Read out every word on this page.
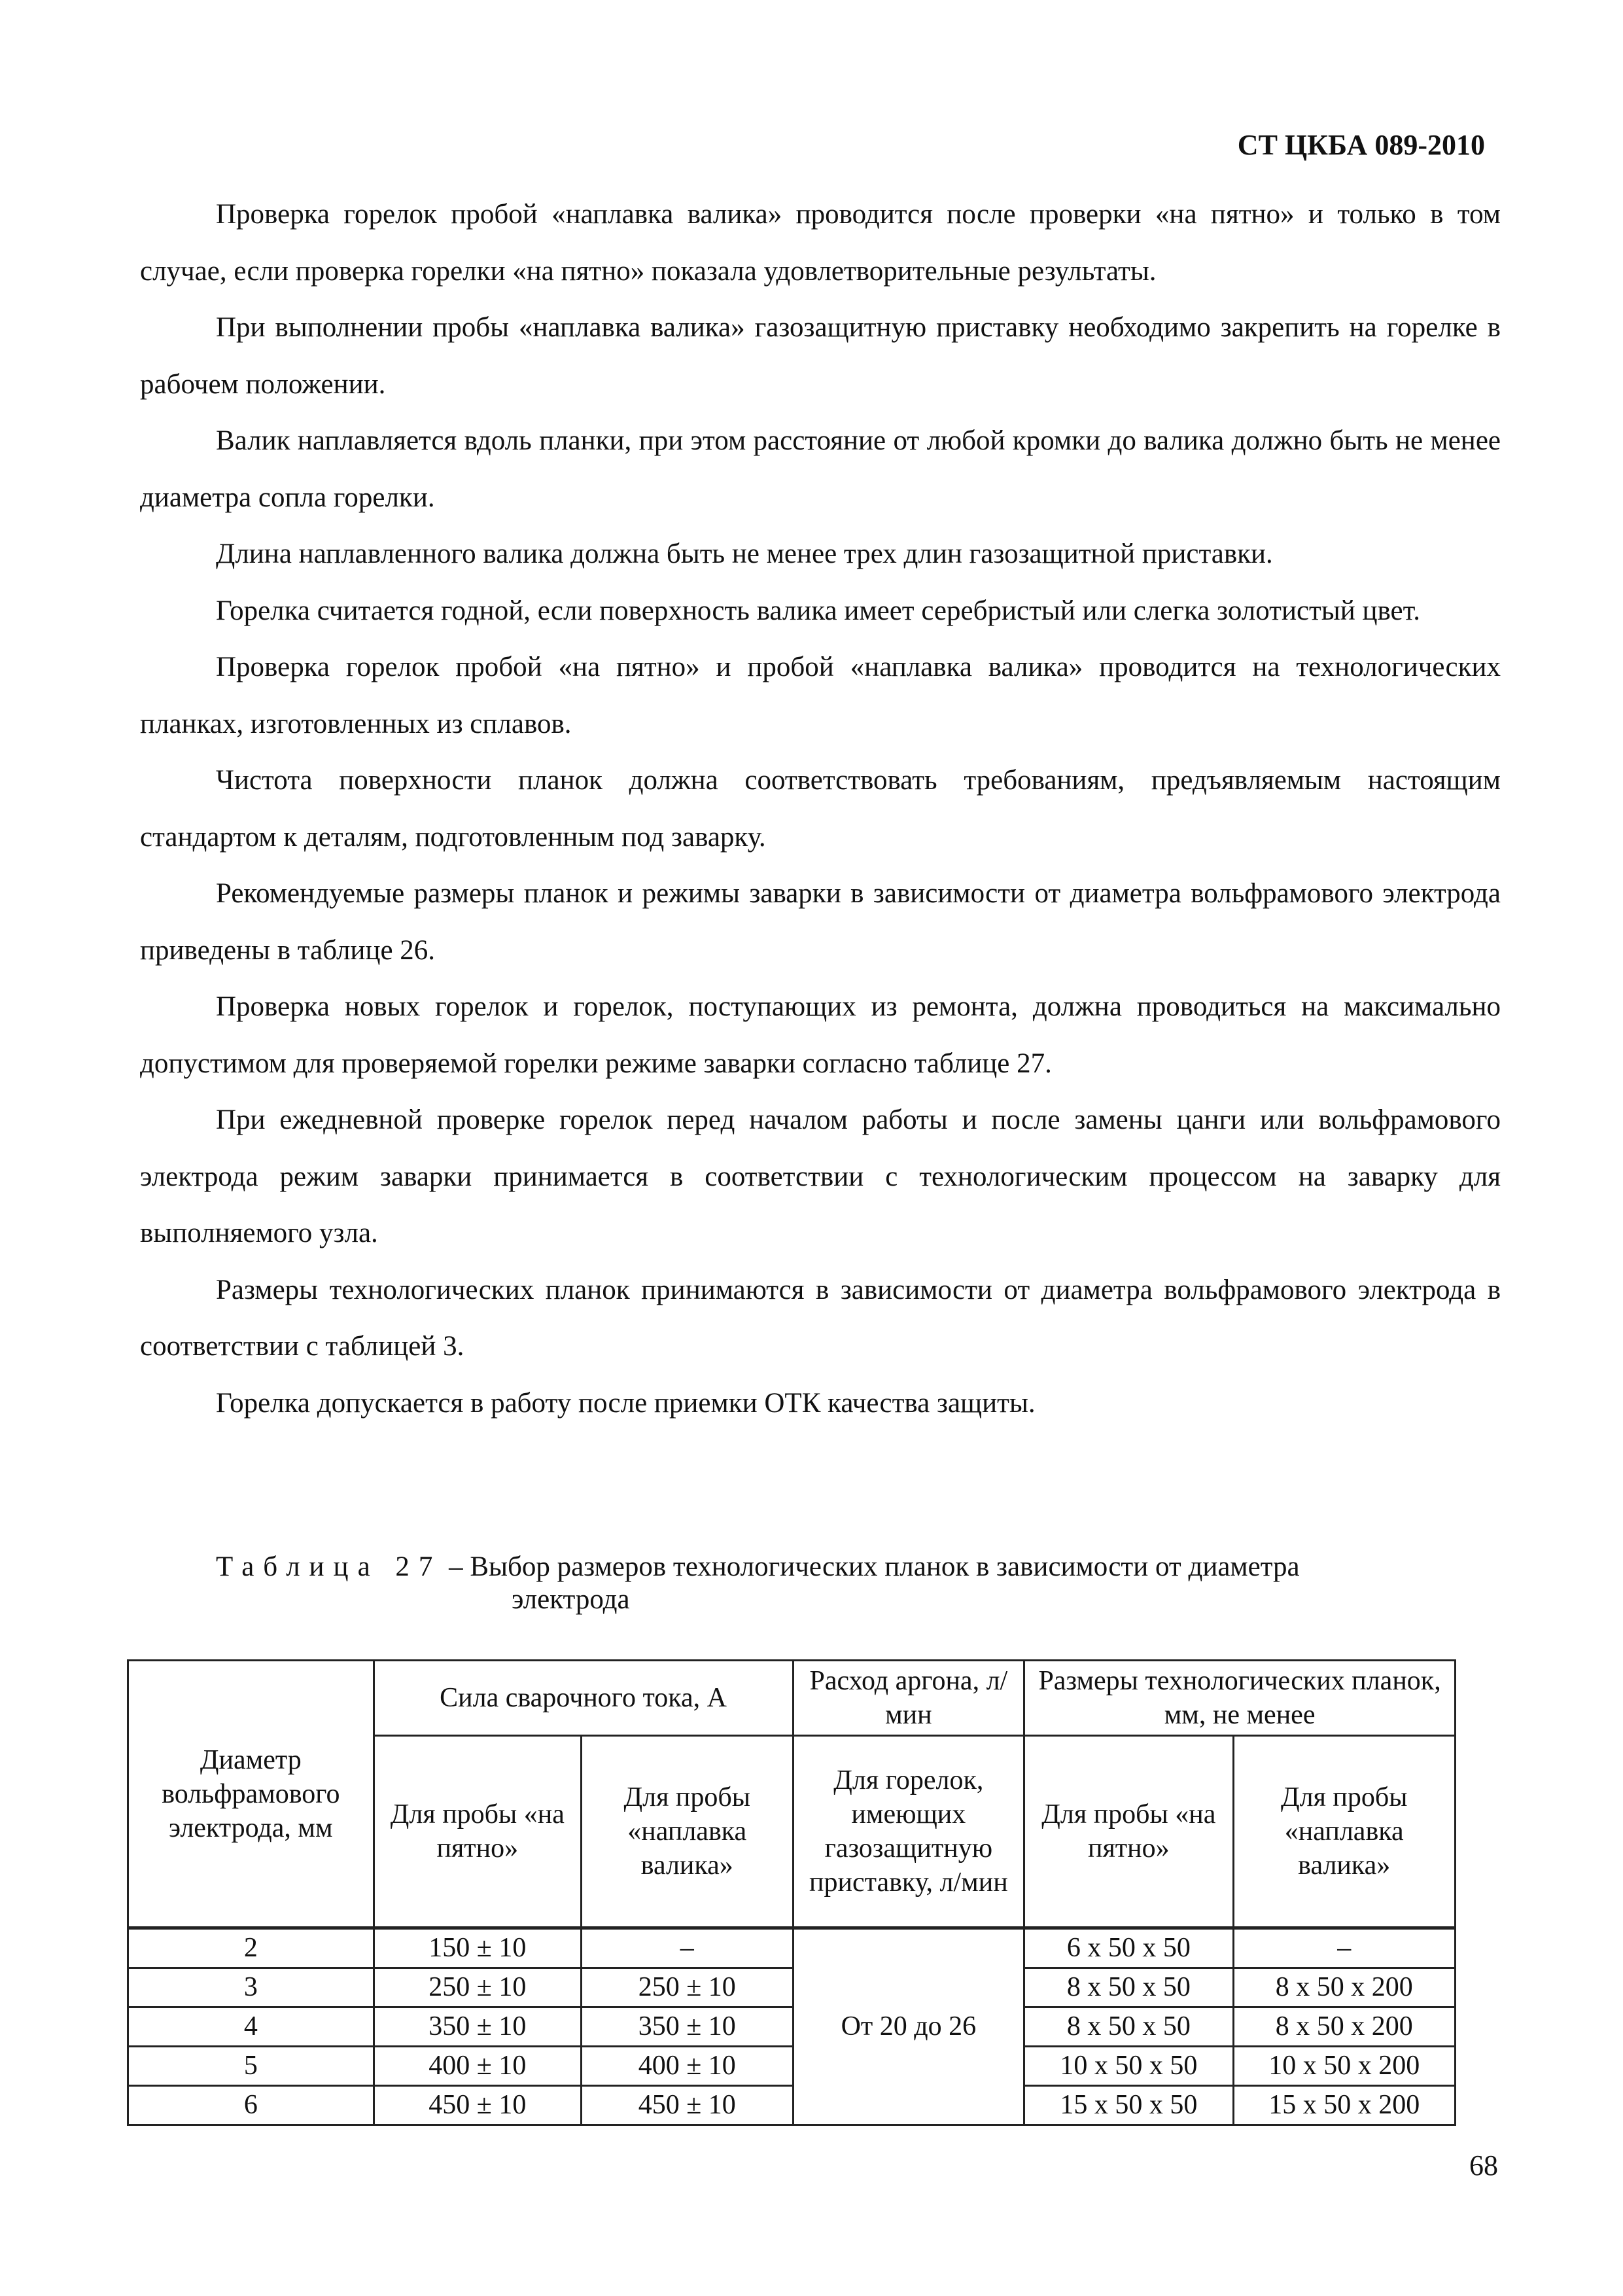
СТ ЦКБА 089-2010

Проверка горелок пробой «наплавка валика» проводится после проверки «на пятно» и только в том случае, если проверка горелки «на пятно» показала удовлетворительные результаты.

При выполнении пробы «наплавка валика» газозащитную приставку необходимо закрепить на горелке в рабочем положении.

Валик наплавляется вдоль планки, при этом расстояние от любой кромки до валика должно быть не менее диаметра сопла горелки.

Длина наплавленного валика должна быть не менее трех длин газозащитной приставки.

Горелка считается годной, если поверхность валика имеет серебристый или слегка золотистый цвет.

Проверка горелок пробой «на пятно» и пробой «наплавка валика» проводится на технологических планках, изготовленных из сплавов.

Чистота поверхности планок должна соответствовать требованиям, предъявляемым настоящим стандартом к деталям, подготовленным под заварку.

Рекомендуемые размеры планок и режимы заварки в зависимости от диаметра вольфрамового электрода приведены в таблице 26.

Проверка новых горелок и горелок, поступающих из ремонта, должна проводиться на максимально допустимом для проверяемой горелки режиме заварки согласно таблице 27.

При ежедневной проверке горелок перед началом работы и после замены цанги или вольфрамового электрода режим заварки принимается в соответствии с технологическим процессом на заварку для выполняемого узла.

Размеры технологических планок принимаются в зависимости от диаметра вольфрамового электрода в соответствии с таблицей 3.

Горелка допускается в работу после приемки ОТК качества защиты.

Таблица 27 – Выбор размеров технологических планок в зависимости от диаметра
электрода
Диаметр вольфрамового электрода, мм	Сила сварочного тока, А		Расход аргона, л/мин	Размеры технологических планок, мм, не менее	
	Для пробы «на пятно»	Для пробы «наплавка валика»	Для горелок, имеющих газозащитную приставку, л/мин	Для пробы «на пятно»	Для пробы «наплавка валика»
2	150 ± 10	–	От 20 до 26	6 х 50 х 50	–
3	250 ± 10	250 ± 10		8 х 50 х 50	8 х 50 х 200
4	350 ± 10	350 ± 10		8 х 50 х 50	8 х 50 х 200
5	400 ± 10	400 ± 10		10 х 50 х 50	10 х 50 х 200
6	450 ± 10	450 ± 10		15 х 50 х 50	15 х 50 х 200
68
